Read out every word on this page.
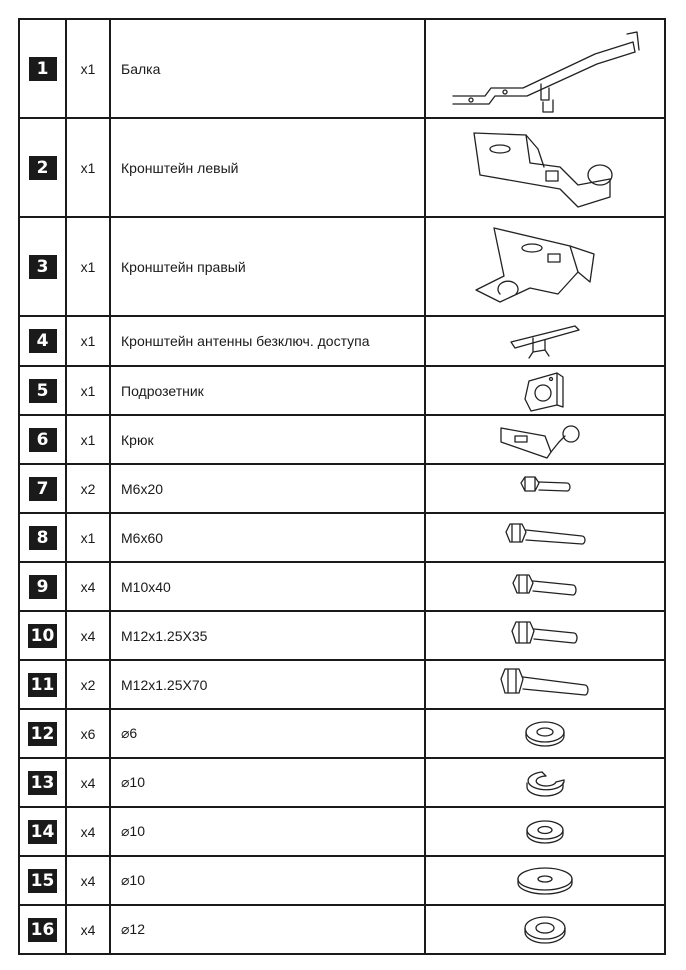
1	x1	Балка	

2	x1	Кронштейн левый	

3	x1	Кронштейн правый	

4	x1	Кронштейн антенны безключ. доступа	

5	x1	Подрозетник	

6	x1	Крюк	

7	x2	M6x20	

8	x1	M6x60	

9	x4	M10x40	

10	x4	M12x1.25X35	

11	x2	M12x1.25X70	

12	x6	⌀6	

13	x4	⌀10	

14	x4	⌀10	

15	x4	⌀10	

16	x4	⌀12	
